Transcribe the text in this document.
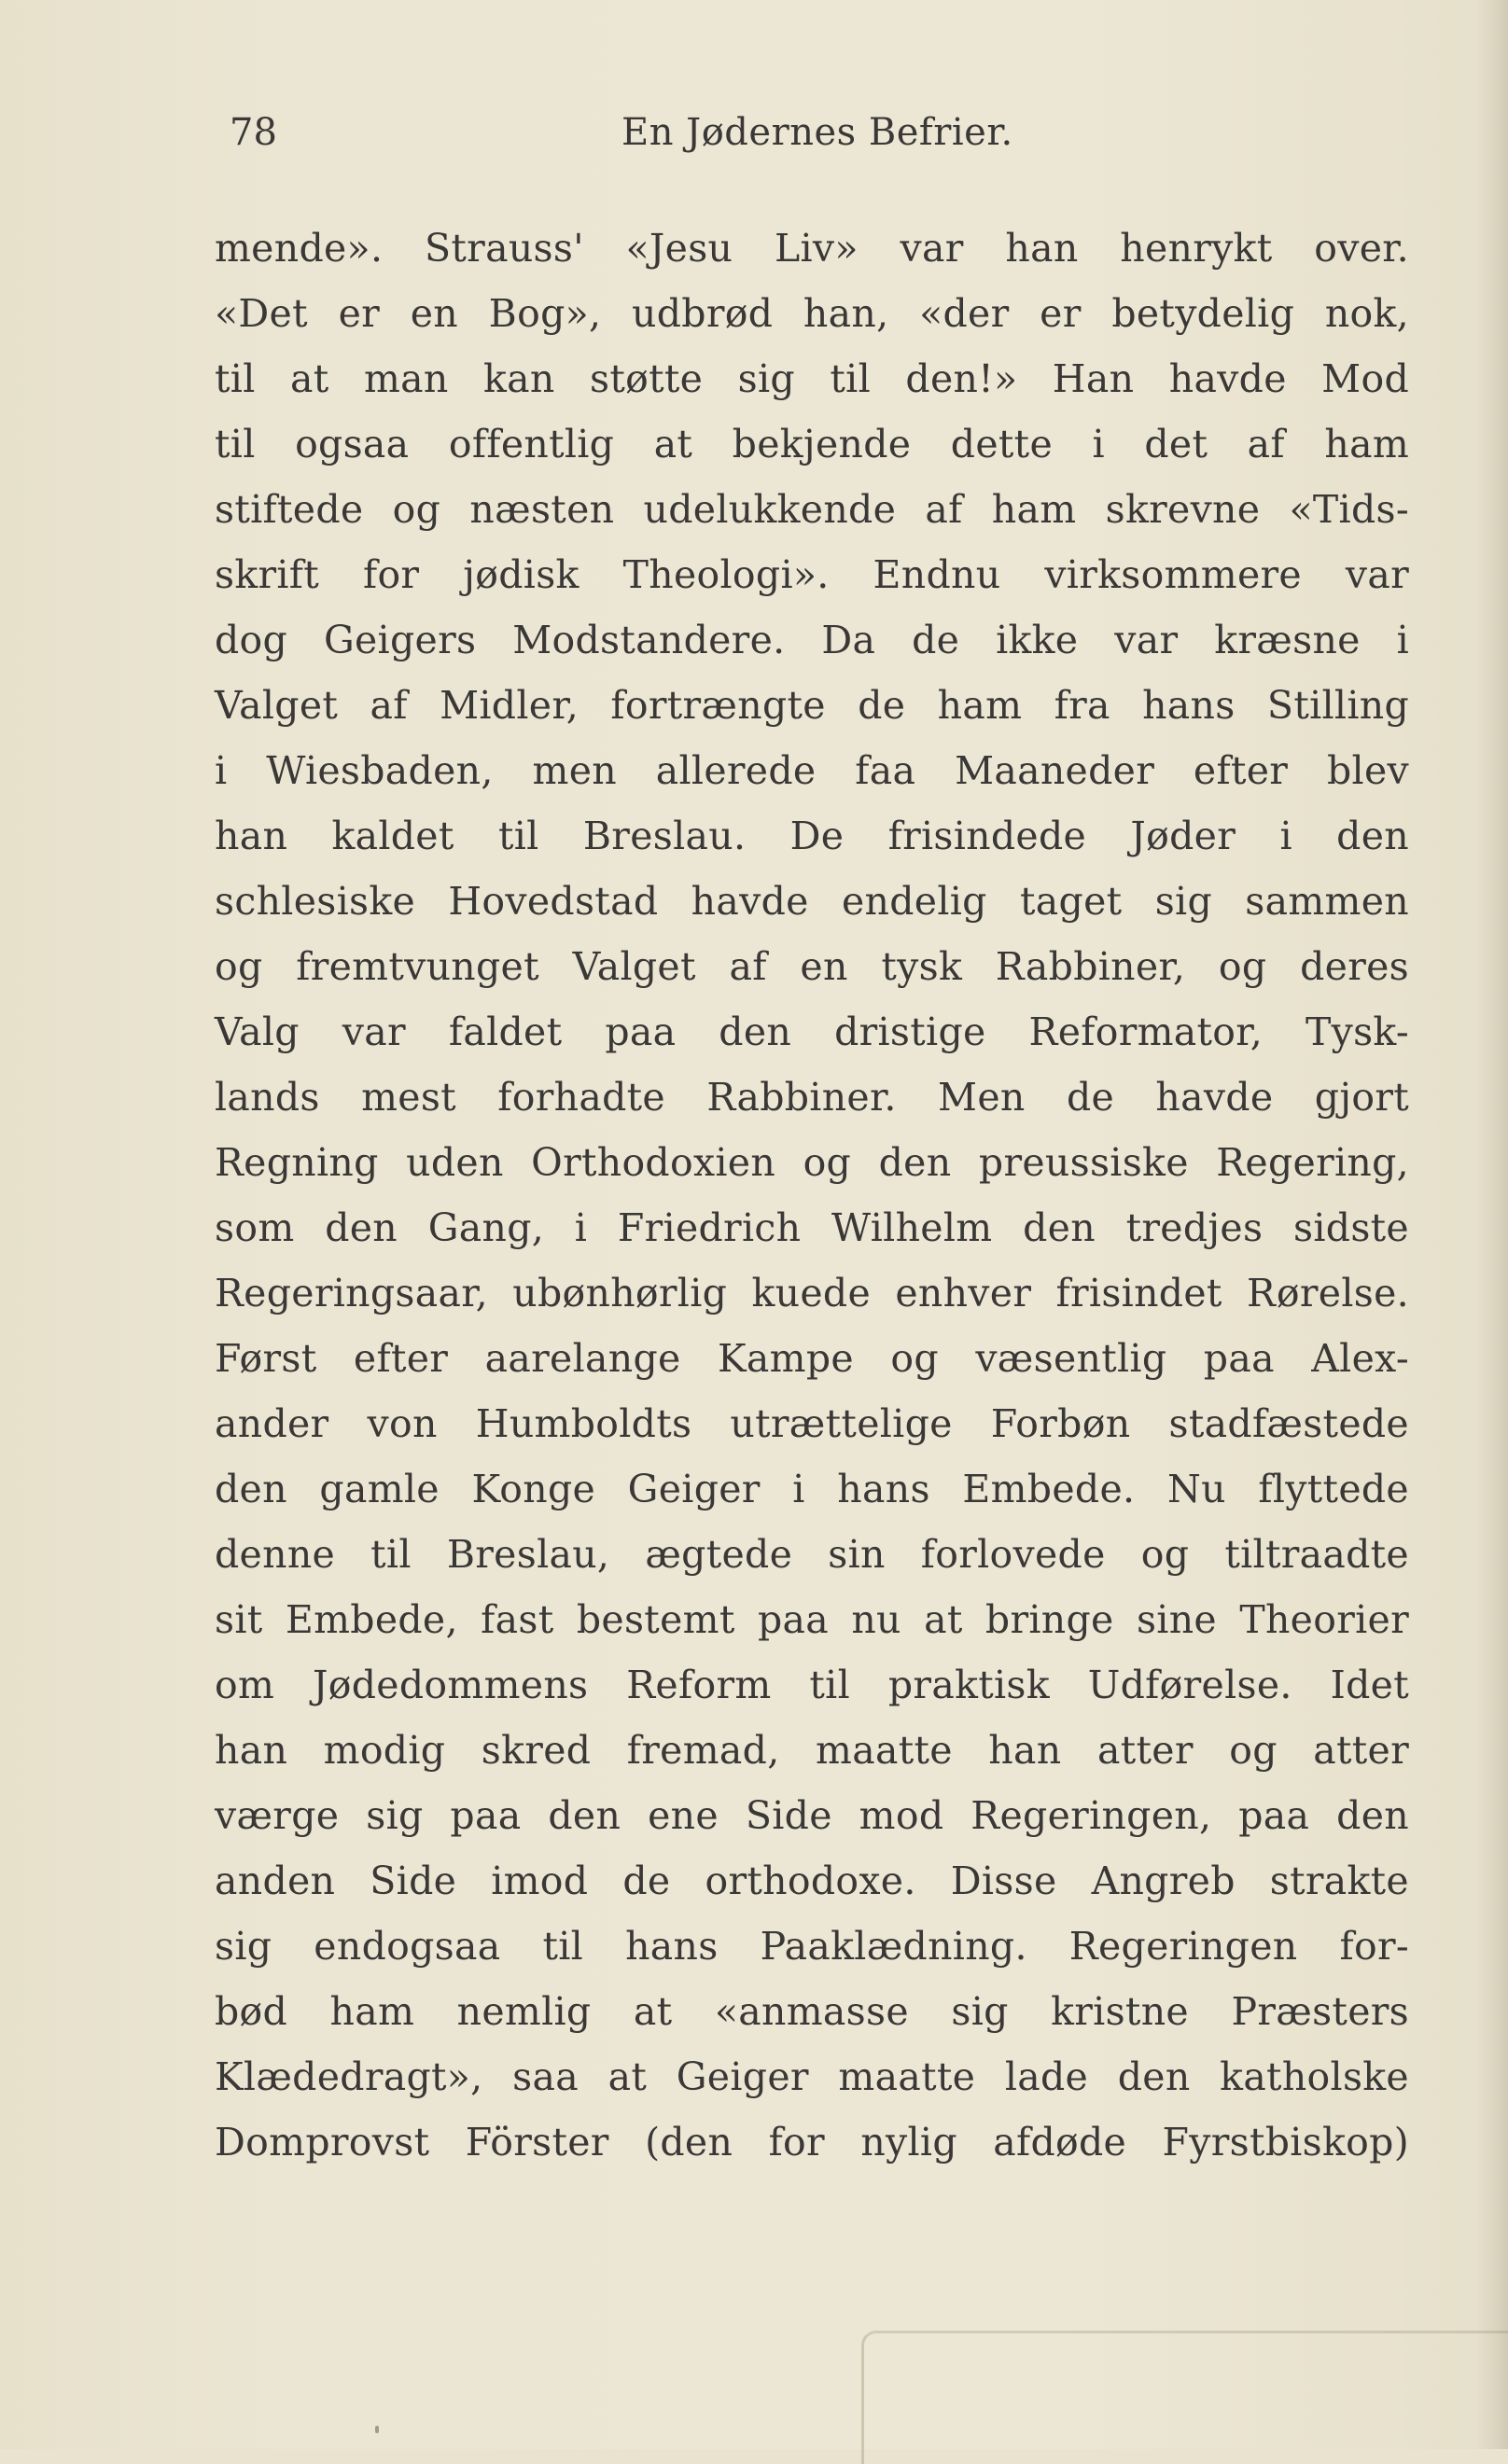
78	En Jødernes Befrier.
mende». Strauss' «Jesu Liv» var han henrykt over.
«Det er en Bog», udbrød han, «der er betydelig nok,
til at man kan støtte sig til den!» Han havde Mod
til ogsaa offentlig at bekjende dette i det af ham
stiftede og næsten udelukkende af ham skrevne «Tids-
skrift for jødisk Theologi». Endnu virksommere var
dog Geigers Modstandere. Da de ikke var kræsne i
Valget af Midler, fortrængte de ham fra hans Stilling
i Wiesbaden, men allerede faa Maaneder efter blev
han kaldet til Breslau. De frisindede Jøder i den
schlesiske Hovedstad havde endelig taget sig sammen
og fremtvunget Valget af en tysk Rabbiner, og deres
Valg var faldet paa den dristige Reformator, Tysk-
lands mest forhadte Rabbiner. Men de havde gjort
Regning uden Orthodoxien og den preussiske Regering,
som den Gang, i Friedrich Wilhelm den tredjes sidste
Regeringsaar, ubønhørlig kuede enhver frisindet Rørelse.
Først efter aarelange Kampe og væsentlig paa Alex-
ander von Humboldts utrættelige Forbøn stadfæstede
den gamle Konge Geiger i hans Embede. Nu flyttede
denne til Breslau, ægtede sin forlovede og tiltraadte
sit Embede, fast bestemt paa nu at bringe sine Theorier
om Jødedommens Reform til praktisk Udførelse. Idet
han modig skred fremad, maatte han atter og atter
værge sig paa den ene Side mod Regeringen, paa den
anden Side imod de orthodoxe. Disse Angreb strakte
sig endogsaa til hans Paaklædning. Regeringen for-
bød ham nemlig at «anmasse sig kristne Præsters
Klædedragt», saa at Geiger maatte lade den katholske
Domprovst Förster (den for nylig afdøde Fyrstbiskop)
